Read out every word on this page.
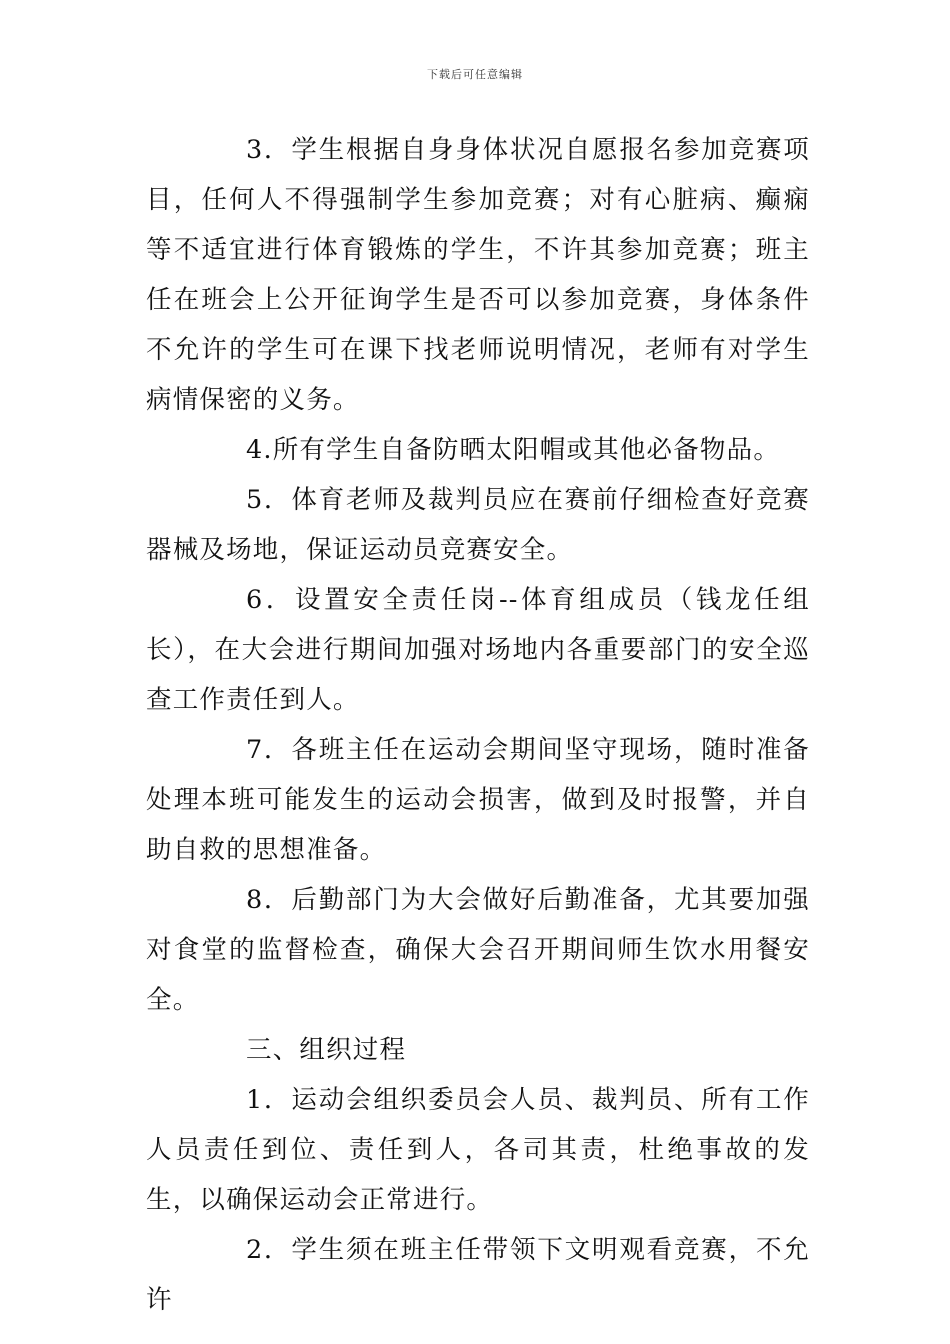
下载后可任意编辑

3．学生根据自身身体状况自愿报名参加竞赛项目，任何人不得强制学生参加竞赛；对有心脏病、癫痫等不适宜进行体育锻炼的学生，不许其参加竞赛；班主任在班会上公开征询学生是否可以参加竞赛，身体条件不允许的学生可在课下找老师说明情况，老师有对学生病情保密的义务。

4.所有学生自备防晒太阳帽或其他必备物品。

5．体育老师及裁判员应在赛前仔细检查好竞赛器械及场地，保证运动员竞赛安全。

6．设置安全责任岗--体育组成员（钱龙任组长），在大会进行期间加强对场地内各重要部门的安全巡查工作责任到人。

7．各班主任在运动会期间坚守现场，随时准备处理本班可能发生的运动会损害，做到及时报警，并自助自救的思想准备。

8．后勤部门为大会做好后勤准备，尤其要加强对食堂的监督检查，确保大会召开期间师生饮水用餐安全。

三、组织过程

1．运动会组织委员会人员、裁判员、所有工作人员责任到位、责任到人，各司其责，杜绝事故的发生，以确保运动会正常进行。

2．学生须在班主任带领下文明观看竞赛，不允许
